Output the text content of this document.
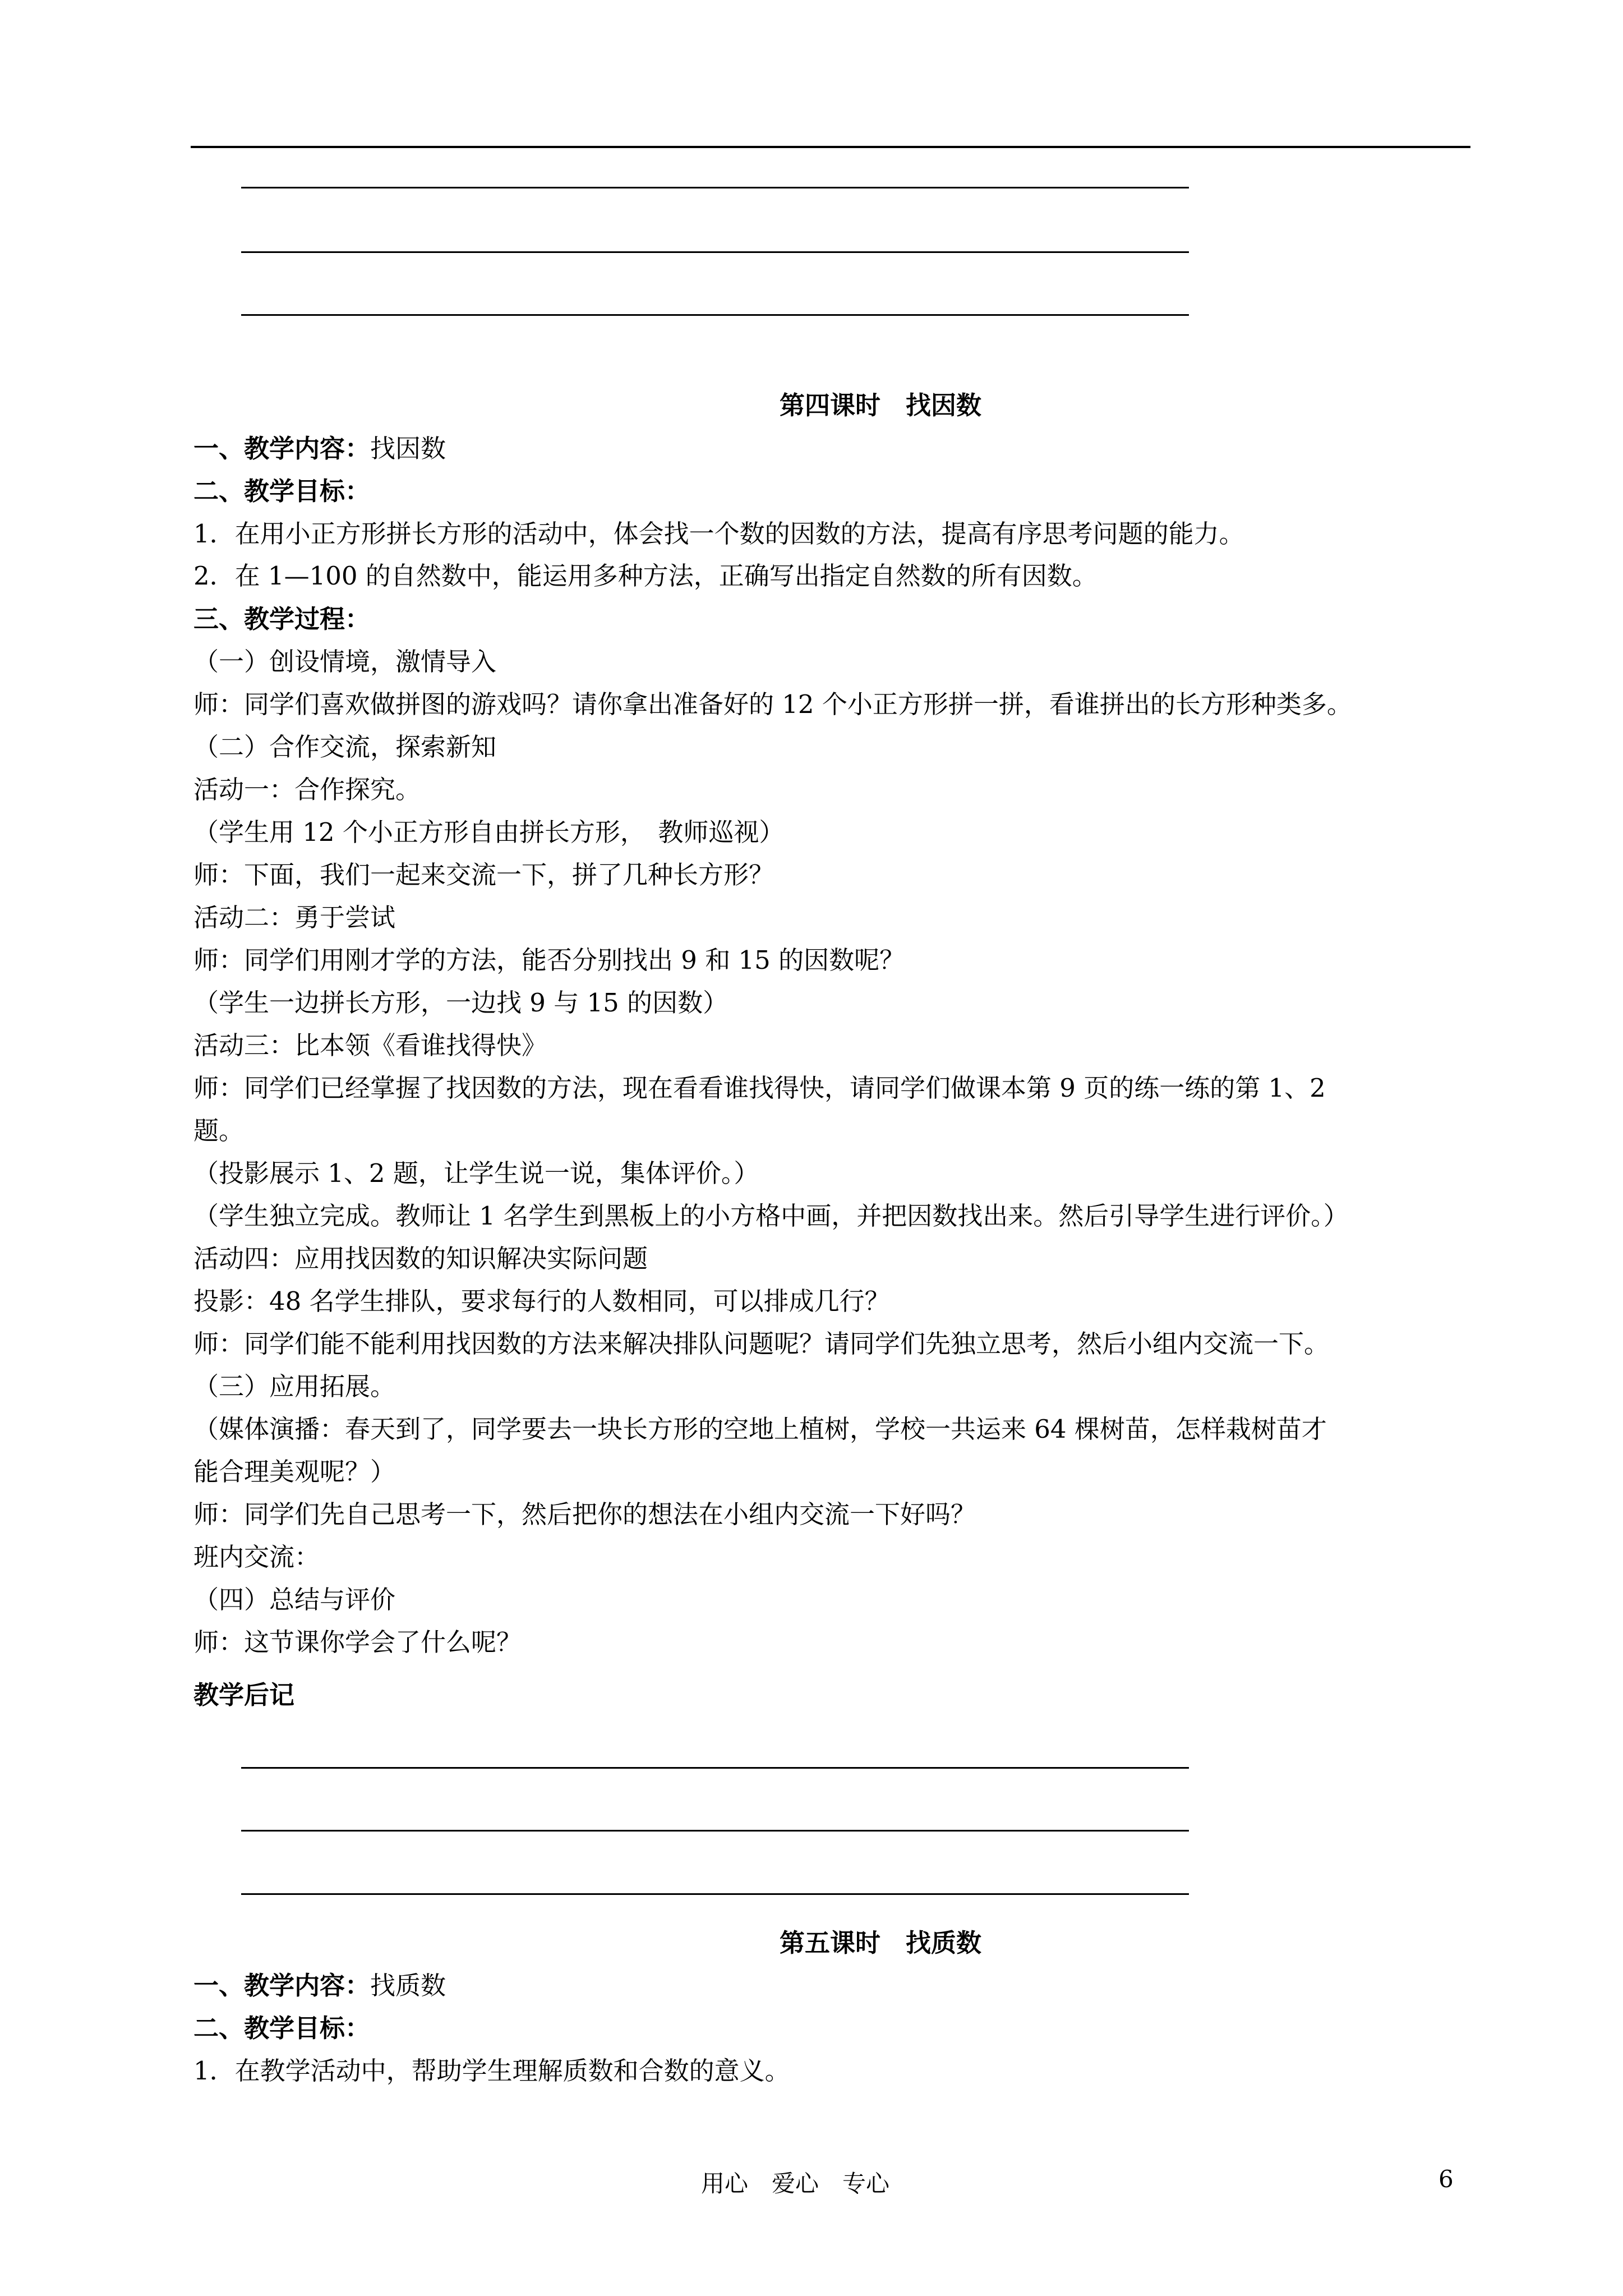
第四课时　找因数
一、教学内容：找因数
二、教学目标：
1．在用小正方形拼长方形的活动中，体会找一个数的因数的方法，提高有序思考问题的能力。
2．在 1—100 的自然数中，能运用多种方法，正确写出指定自然数的所有因数。
三、教学过程：
（一）创设情境，激情导入
师：同学们喜欢做拼图的游戏吗？请你拿出准备好的 12 个小正方形拼一拼，看谁拼出的长方形种类多。
（二）合作交流，探索新知
活动一：合作探究。
（学生用 12 个小正方形自由拼长方形，　教师巡视）
师：下面，我们一起来交流一下，拼了几种长方形？
活动二：勇于尝试
师：同学们用刚才学的方法，能否分别找出 9 和 15 的因数呢？
（学生一边拼长方形，一边找 9 与 15 的因数）
活动三：比本领《看谁找得快》
师：同学们已经掌握了找因数的方法，现在看看谁找得快，请同学们做课本第 9 页的练一练的第 1、2
题。
（投影展示 1、2 题，让学生说一说，集体评价。）
（学生独立完成。教师让 1 名学生到黑板上的小方格中画，并把因数找出来。然后引导学生进行评价。）
活动四：应用找因数的知识解决实际问题
投影：48 名学生排队，要求每行的人数相同，可以排成几行？
师：同学们能不能利用找因数的方法来解决排队问题呢？请同学们先独立思考，然后小组内交流一下。
（三）应用拓展。
（媒体演播：春天到了，同学要去一块长方形的空地上植树，学校一共运来 64 棵树苗，怎样栽树苗才
能合理美观呢？）
师：同学们先自己思考一下，然后把你的想法在小组内交流一下好吗？
班内交流：
（四）总结与评价
师：这节课你学会了什么呢？
教学后记
第五课时　找质数
一、教学内容：找质数
二、教学目标：
1．在教学活动中，帮助学生理解质数和合数的意义。
用心　爱心　专心	6
